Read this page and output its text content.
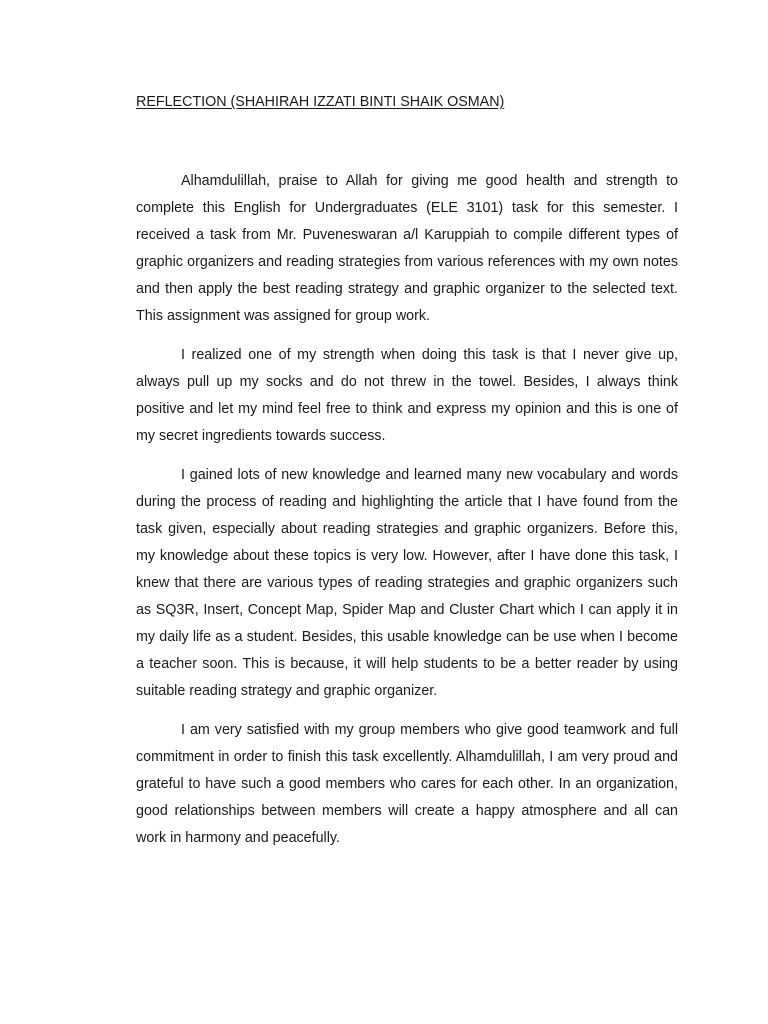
REFLECTION (SHAHIRAH IZZATI BINTI SHAIK OSMAN)

Alhamdulillah, praise to Allah for giving me good health and strength to complete this English for Undergraduates (ELE 3101) task for this semester. I received a task from Mr. Puveneswaran a/l Karuppiah to compile different types of graphic organizers and reading strategies from various references with my own notes and then apply the best reading strategy and graphic organizer to the selected text. This assignment was assigned for group work.

I realized one of my strength when doing this task is that I never give up, always pull up my socks and do not threw in the towel. Besides, I always think positive and let my mind feel free to think and express my opinion and this is one of my secret ingredients towards success.

I gained lots of new knowledge and learned many new vocabulary and words during the process of reading and highlighting the article that I have found from the task given, especially about reading strategies and graphic organizers. Before this, my knowledge about these topics is very low. However, after I have done this task, I knew that there are various types of reading strategies and graphic organizers such as SQ3R, Insert, Concept Map, Spider Map and Cluster Chart which I can apply it in my daily life as a student. Besides, this usable knowledge can be use when I become a teacher soon. This is because, it will help students to be a better reader by using suitable reading strategy and graphic organizer.

I am very satisfied with my group members who give good teamwork and full commitment in order to finish this task excellently. Alhamdulillah, I am very proud and grateful to have such a good members who cares for each other. In an organization, good relationships between members will create a happy atmosphere and all can work in harmony and peacefully.
